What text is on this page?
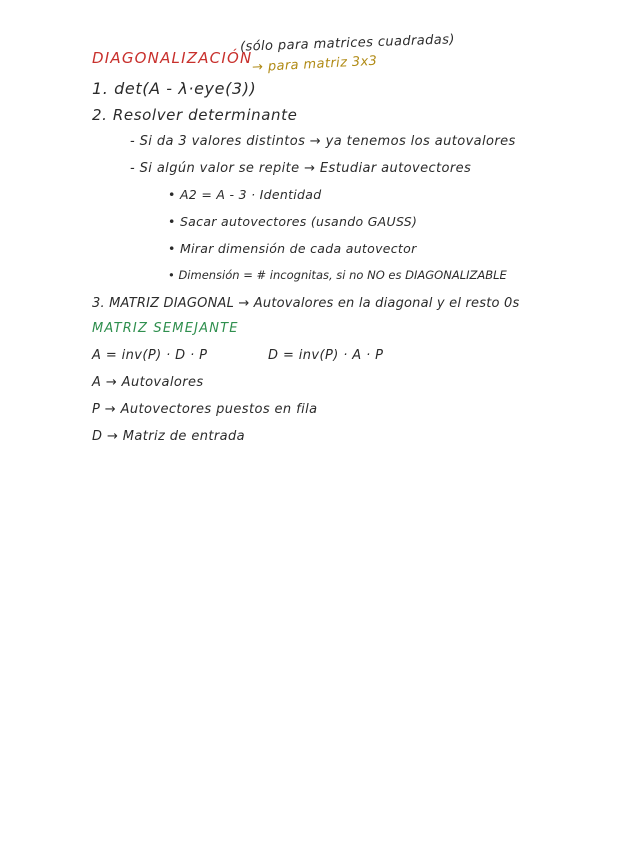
DIAGONALIZACIÓN
(sólo para matrices cuadradas)
→ para matriz 3x3
1. det(A - λ·eye(3))
2. Resolver determinante
- Si da 3 valores distintos → ya tenemos los autovalores
- Si algún valor se repite → Estudiar autovectores
• A2 = A - 3 · Identidad
• Sacar autovectores (usando GAUSS)
• Mirar dimensión de cada autovector
• Dimensión = # incognitas, si no NO es DIAGONALIZABLE
3. MATRIZ DIAGONAL → Autovalores en la diagonal y el resto 0s
MATRIZ SEMEJANTE
A = inv(P) · D · P	D = inv(P) · A · P
A → Autovalores
P → Autovectores puestos en fila
D → Matriz de entrada
